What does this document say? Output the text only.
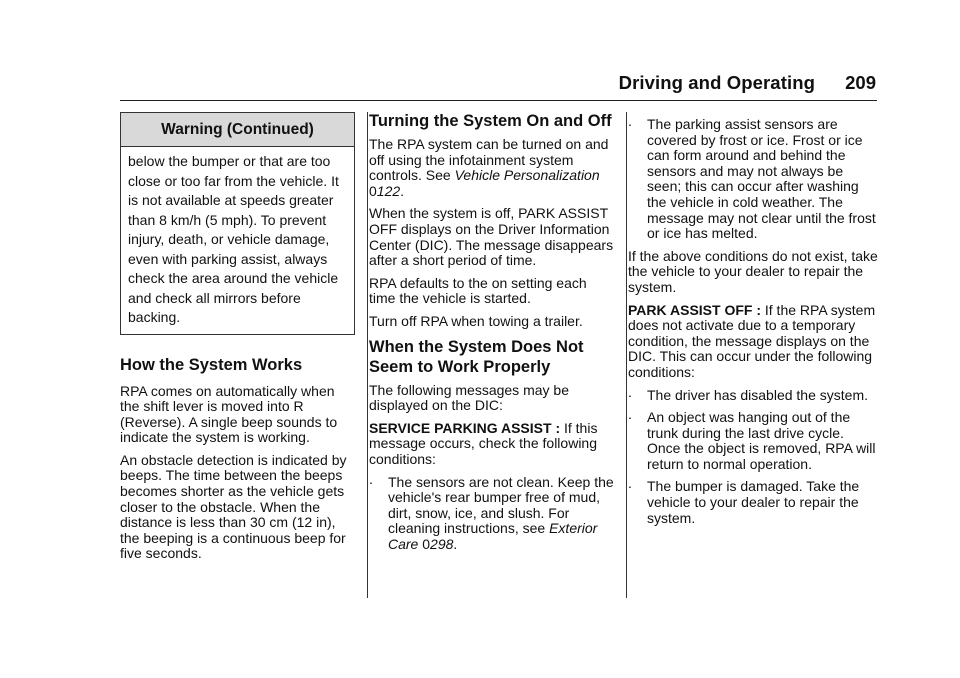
Driving and Operating 209
Warning (Continued)
below the bumper or that are too close or too far from the vehicle. It is not available at speeds greater than 8 km/h (5 mph). To prevent injury, death, or vehicle damage, even with parking assist, always check the area around the vehicle and check all mirrors before backing.
How the System Works

RPA comes on automatically when the shift lever is moved into R (Reverse). A single beep sounds to indicate the system is working.

An obstacle detection is indicated by beeps. The time between the beeps becomes shorter as the vehicle gets closer to the obstacle. When the distance is less than 30 cm (12 in), the beeping is a continuous beep for five seconds.

Turning the System On and Off

The RPA system can be turned on and off using the infotainment system controls. See Vehicle Personalization 0122.

When the system is off, PARK ASSIST OFF displays on the Driver Information Center (DIC). The message disappears after a short period of time.

RPA defaults to the on setting each time the vehicle is started.

Turn off RPA when towing a trailer.

When the System Does Not Seem to Work Properly

The following messages may be displayed on the DIC:

SERVICE PARKING ASSIST : If this message occurs, check the following conditions:

. The sensors are not clean. Keep the vehicle's rear bumper free of mud, dirt, snow, ice, and slush. For cleaning instructions, see Exterior Care 0298.
. The parking assist sensors are covered by frost or ice. Frost or ice can form around and behind the sensors and may not always be seen; this can occur after washing the vehicle in cold weather. The message may not clear until the frost or ice has melted.

If the above conditions do not exist, take the vehicle to your dealer to repair the system.

PARK ASSIST OFF : If the RPA system does not activate due to a temporary condition, the message displays on the DIC. This can occur under the following conditions:

. The driver has disabled the system.
. An object was hanging out of the trunk during the last drive cycle. Once the object is removed, RPA will return to normal operation.
. The bumper is damaged. Take the vehicle to your dealer to repair the system.
